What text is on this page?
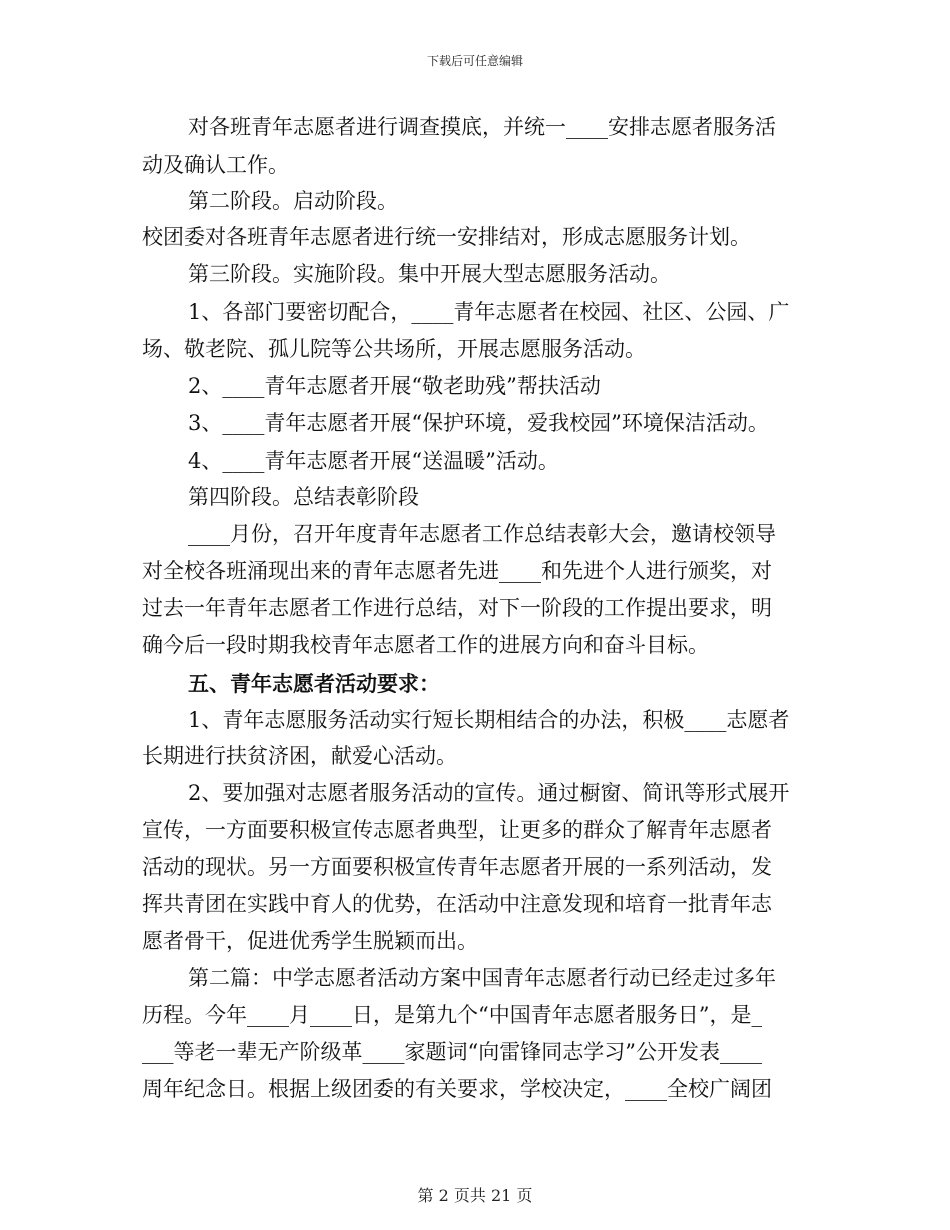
下载后可任意编辑
对各班青年志愿者进行调查摸底，并统一____安排志愿者服务活
动及确认工作。
第二阶段。启动阶段。
校团委对各班青年志愿者进行统一安排结对，形成志愿服务计划。
第三阶段。实施阶段。集中开展大型志愿服务活动。
1、各部门要密切配合，____青年志愿者在校园、社区、公园、广
场、敬老院、孤儿院等公共场所，开展志愿服务活动。
2、____青年志愿者开展“敬老助残”帮扶活动
3、____青年志愿者开展“保护环境，爱我校园”环境保洁活动。
4、____青年志愿者开展“送温暖”活动。
第四阶段。总结表彰阶段
____月份，召开年度青年志愿者工作总结表彰大会，邀请校领导
对全校各班涌现出来的青年志愿者先进____和先进个人进行颁奖，对
过去一年青年志愿者工作进行总结，对下一阶段的工作提出要求，明
确今后一段时期我校青年志愿者工作的进展方向和奋斗目标。
五、青年志愿者活动要求：
1、青年志愿服务活动实行短长期相结合的办法，积极____志愿者
长期进行扶贫济困，献爱心活动。
2、要加强对志愿者服务活动的宣传。通过橱窗、简讯等形式展开
宣传，一方面要积极宣传志愿者典型，让更多的群众了解青年志愿者
活动的现状。另一方面要积极宣传青年志愿者开展的一系列活动，发
挥共青团在实践中育人的优势，在活动中注意发现和培育一批青年志
愿者骨干，促进优秀学生脱颖而出。
第二篇：中学志愿者活动方案中国青年志愿者行动已经走过多年
历程。今年____月____日，是第九个“中国青年志愿者服务日”，是_
___等老一辈无产阶级革____家题词“向雷锋同志学习”公开发表____
周年纪念日。根据上级团委的有关要求，学校决定，____全校广阔团
第 2 页共 21 页
